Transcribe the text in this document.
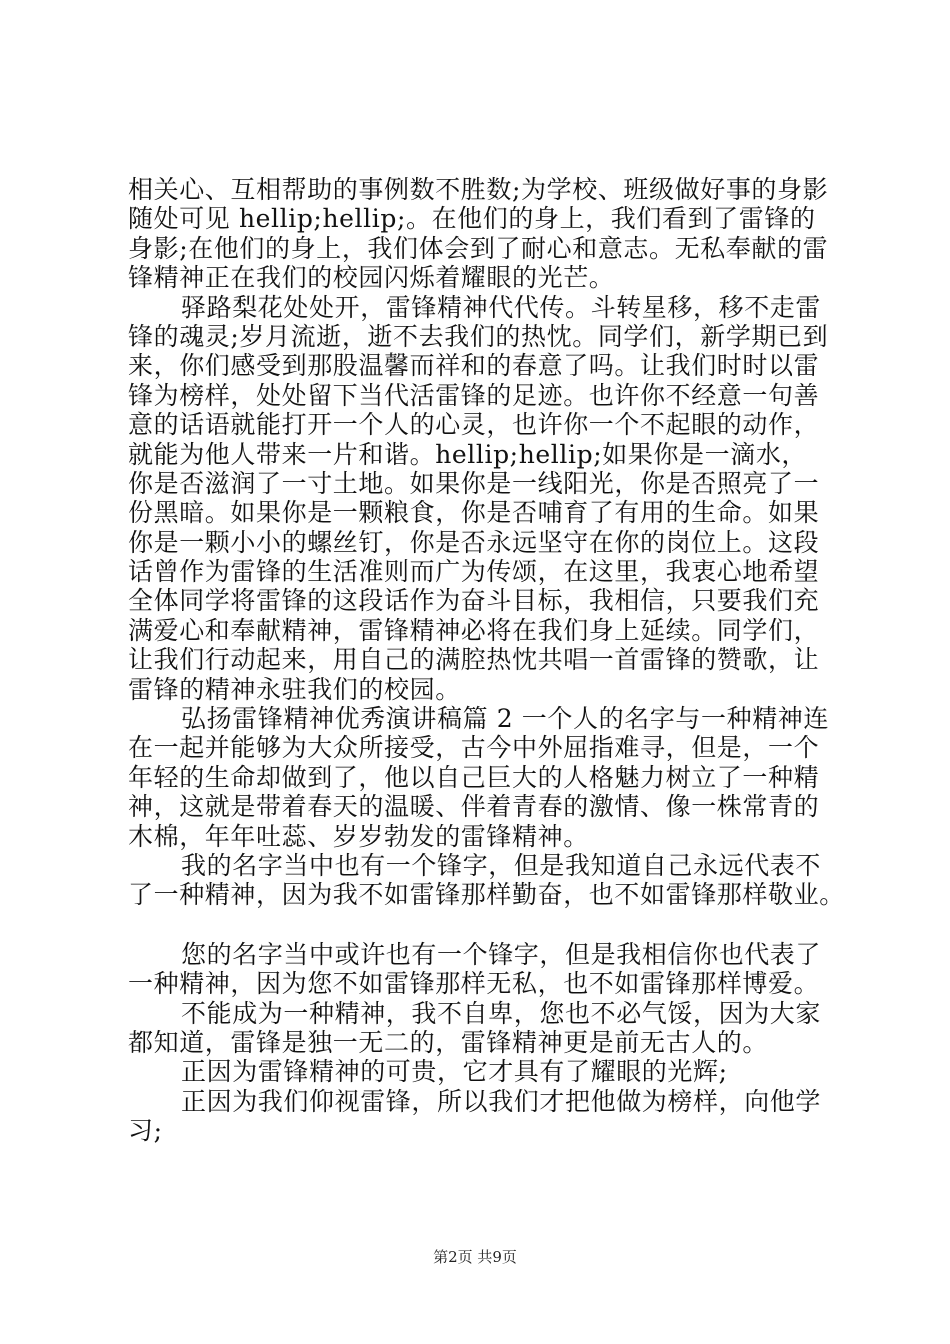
相关心、互相帮助的事例数不胜数;为学校、班级做好事的身影
随处可见 hellip;hellip;。在他们的身上，我们看到了雷锋的
身影;在他们的身上，我们体会到了耐心和意志。无私奉献的雷
锋精神正在我们的校园闪烁着耀眼的光芒。
驿路梨花处处开，雷锋精神代代传。斗转星移，移不走雷
锋的魂灵;岁月流逝，逝不去我们的热忱。同学们，新学期已到
来，你们感受到那股温馨而祥和的春意了吗。让我们时时以雷
锋为榜样，处处留下当代活雷锋的足迹。也许你不经意一句善
意的话语就能打开一个人的心灵，也许你一个不起眼的动作，
就能为他人带来一片和谐。hellip;hellip;如果你是一滴水，
你是否滋润了一寸土地。如果你是一线阳光，你是否照亮了一
份黑暗。如果你是一颗粮食，你是否哺育了有用的生命。如果
你是一颗小小的螺丝钉，你是否永远坚守在你的岗位上。这段
话曾作为雷锋的生活准则而广为传颂，在这里，我衷心地希望
全体同学将雷锋的这段话作为奋斗目标，我相信，只要我们充
满爱心和奉献精神，雷锋精神必将在我们身上延续。同学们，
让我们行动起来，用自己的满腔热忱共唱一首雷锋的赞歌，让
雷锋的精神永驻我们的校园。
弘扬雷锋精神优秀演讲稿篇 2 一个人的名字与一种精神连
在一起并能够为大众所接受，古今中外屈指难寻，但是，一个
年轻的生命却做到了，他以自己巨大的人格魅力树立了一种精
神，这就是带着春天的温暖、伴着青春的激情、像一株常青的
木棉，年年吐蕊、岁岁勃发的雷锋精神。
我的名字当中也有一个锋字，但是我知道自己永远代表不
了一种精神，因为我不如雷锋那样勤奋，也不如雷锋那样敬业。
您的名字当中或许也有一个锋字，但是我相信你也代表了
一种精神，因为您不如雷锋那样无私，也不如雷锋那样博爱。
不能成为一种精神，我不自卑，您也不必气馁，因为大家
都知道，雷锋是独一无二的，雷锋精神更是前无古人的。
正因为雷锋精神的可贵，它才具有了耀眼的光辉;
正因为我们仰视雷锋，所以我们才把他做为榜样，向他学
习;
第2页 共9页
